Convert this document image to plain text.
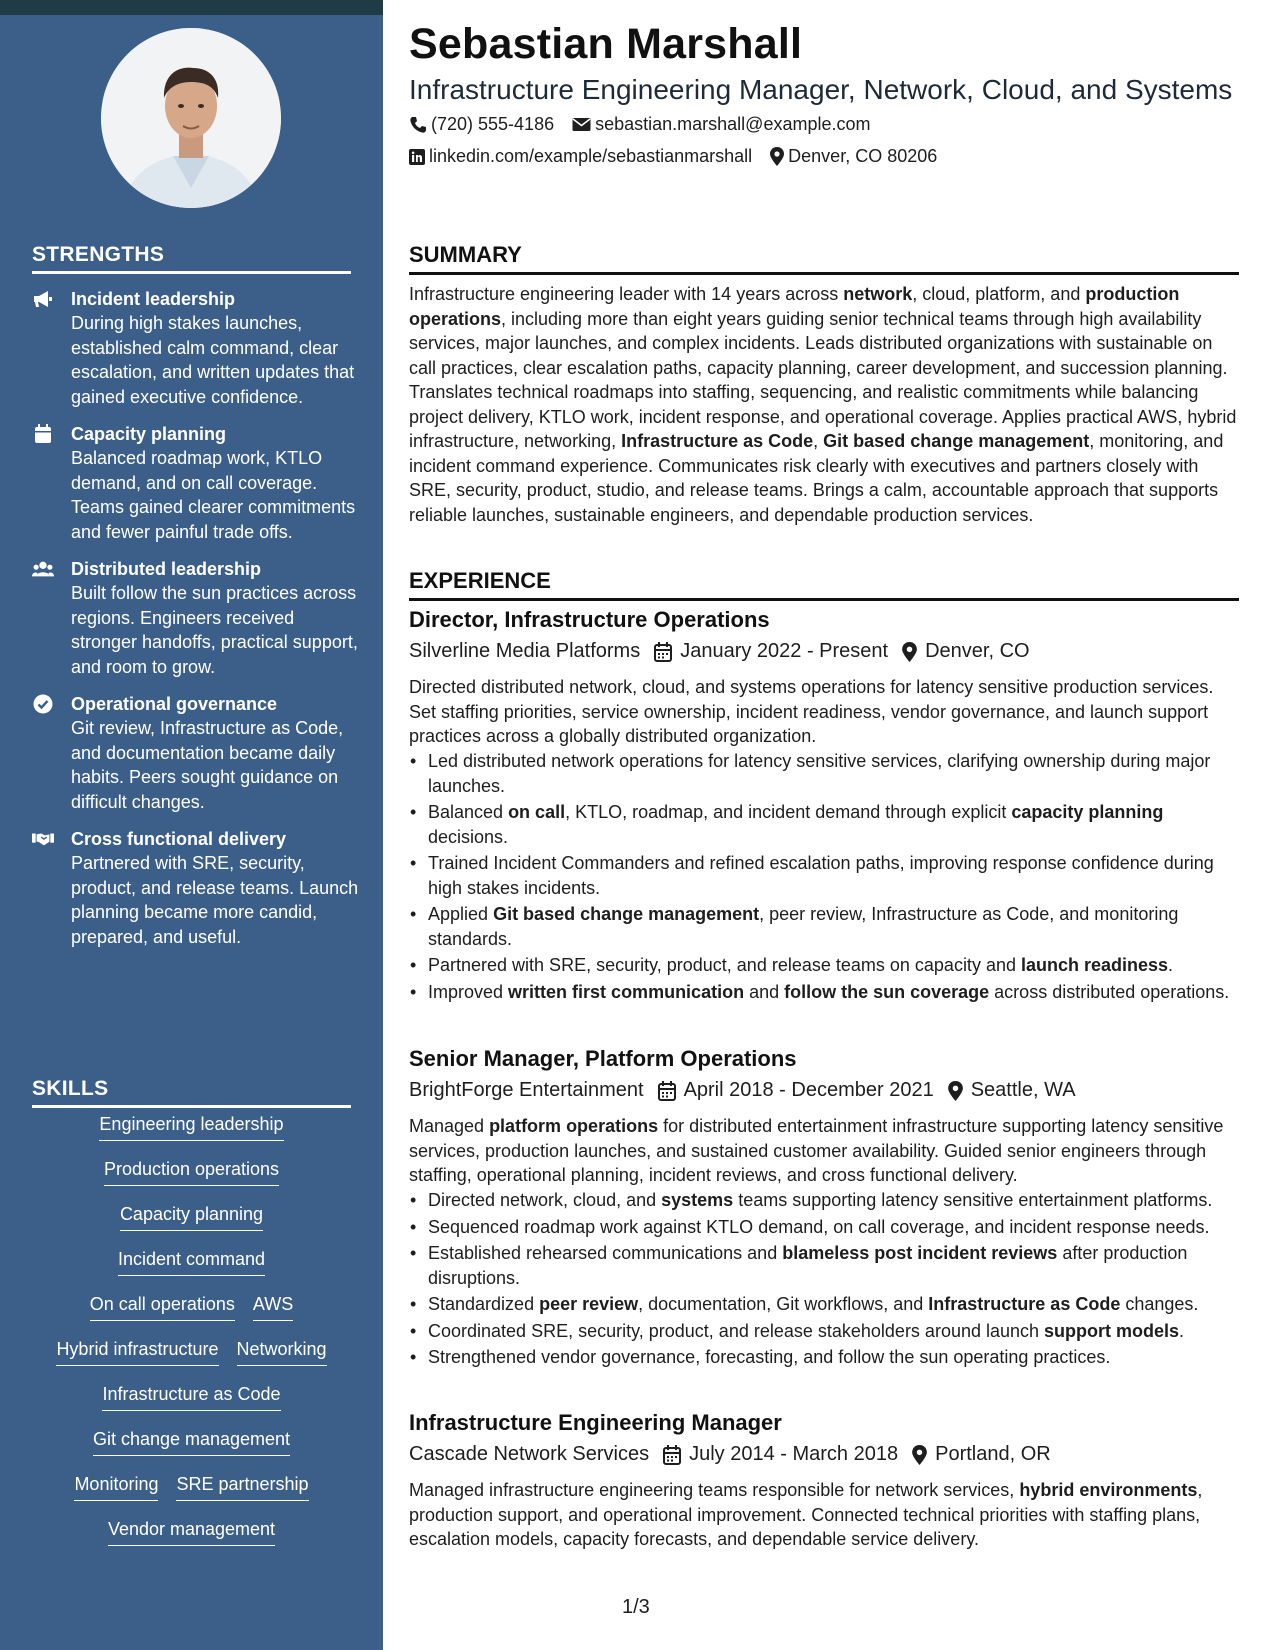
STRENGTHS
Incident leadership
During high stakes launches, established calm command, clear escalation, and written updates that gained executive confidence.
Capacity planning
Balanced roadmap work, KTLO demand, and on call coverage. Teams gained clearer commitments and fewer painful trade offs.
Distributed leadership
Built follow the sun practices across regions. Engineers received stronger handoffs, practical support, and room to grow.
Operational governance
Git review, Infrastructure as Code, and documentation became daily habits. Peers sought guidance on difficult changes.
Cross functional delivery
Partnered with SRE, security, product, and release teams. Launch planning became more candid, prepared, and useful.
SKILLS
Engineering leadership
Production operations
Capacity planning
Incident command
On call operations AWS
Hybrid infrastructure Networking
Infrastructure as Code
Git change management
Monitoring SRE partnership
Vendor management
Sebastian Marshall
Infrastructure Engineering Manager, Network, Cloud, and Systems
(720) 555-4186 sebastian.marshall@example.com
linkedin.com/example/sebastianmarshall Denver, CO 80206
SUMMARY
Infrastructure engineering leader with 14 years across network, cloud, platform, and production operations, including more than eight years guiding senior technical teams through high availability services, major launches, and complex incidents. Leads distributed organizations with sustainable on call practices, clear escalation paths, capacity planning, career development, and succession planning. Translates technical roadmaps into staffing, sequencing, and realistic commitments while balancing project delivery, KTLO work, incident response, and operational coverage. Applies practical AWS, hybrid infrastructure, networking, Infrastructure as Code, Git based change management, monitoring, and incident command experience. Communicates risk clearly with executives and partners closely with SRE, security, product, studio, and release teams. Brings a calm, accountable approach that supports reliable launches, sustainable engineers, and dependable production services.
EXPERIENCE
Director, Infrastructure Operations
Silverline Media Platforms January 2022 - Present Denver, CO
Directed distributed network, cloud, and systems operations for latency sensitive production services. Set staffing priorities, service ownership, incident readiness, vendor governance, and launch support practices across a globally distributed organization.
• Led distributed network operations for latency sensitive services, clarifying ownership during major launches.
• Balanced on call, KTLO, roadmap, and incident demand through explicit capacity planning decisions.
• Trained Incident Commanders and refined escalation paths, improving response confidence during high stakes incidents.
• Applied Git based change management, peer review, Infrastructure as Code, and monitoring standards.
• Partnered with SRE, security, product, and release teams on capacity and launch readiness.
• Improved written first communication and follow the sun coverage across distributed operations.
Senior Manager, Platform Operations
BrightForge Entertainment April 2018 - December 2021 Seattle, WA
Managed platform operations for distributed entertainment infrastructure supporting latency sensitive services, production launches, and sustained customer availability. Guided senior engineers through staffing, operational planning, incident reviews, and cross functional delivery.
• Directed network, cloud, and systems teams supporting latency sensitive entertainment platforms.
• Sequenced roadmap work against KTLO demand, on call coverage, and incident response needs.
• Established rehearsed communications and blameless post incident reviews after production disruptions.
• Standardized peer review, documentation, Git workflows, and Infrastructure as Code changes.
• Coordinated SRE, security, product, and release stakeholders around launch support models.
• Strengthened vendor governance, forecasting, and follow the sun operating practices.
Infrastructure Engineering Manager
Cascade Network Services July 2014 - March 2018 Portland, OR
Managed infrastructure engineering teams responsible for network services, hybrid environments, production support, and operational improvement. Connected technical priorities with staffing plans, escalation models, capacity forecasts, and dependable service delivery.
1/3
